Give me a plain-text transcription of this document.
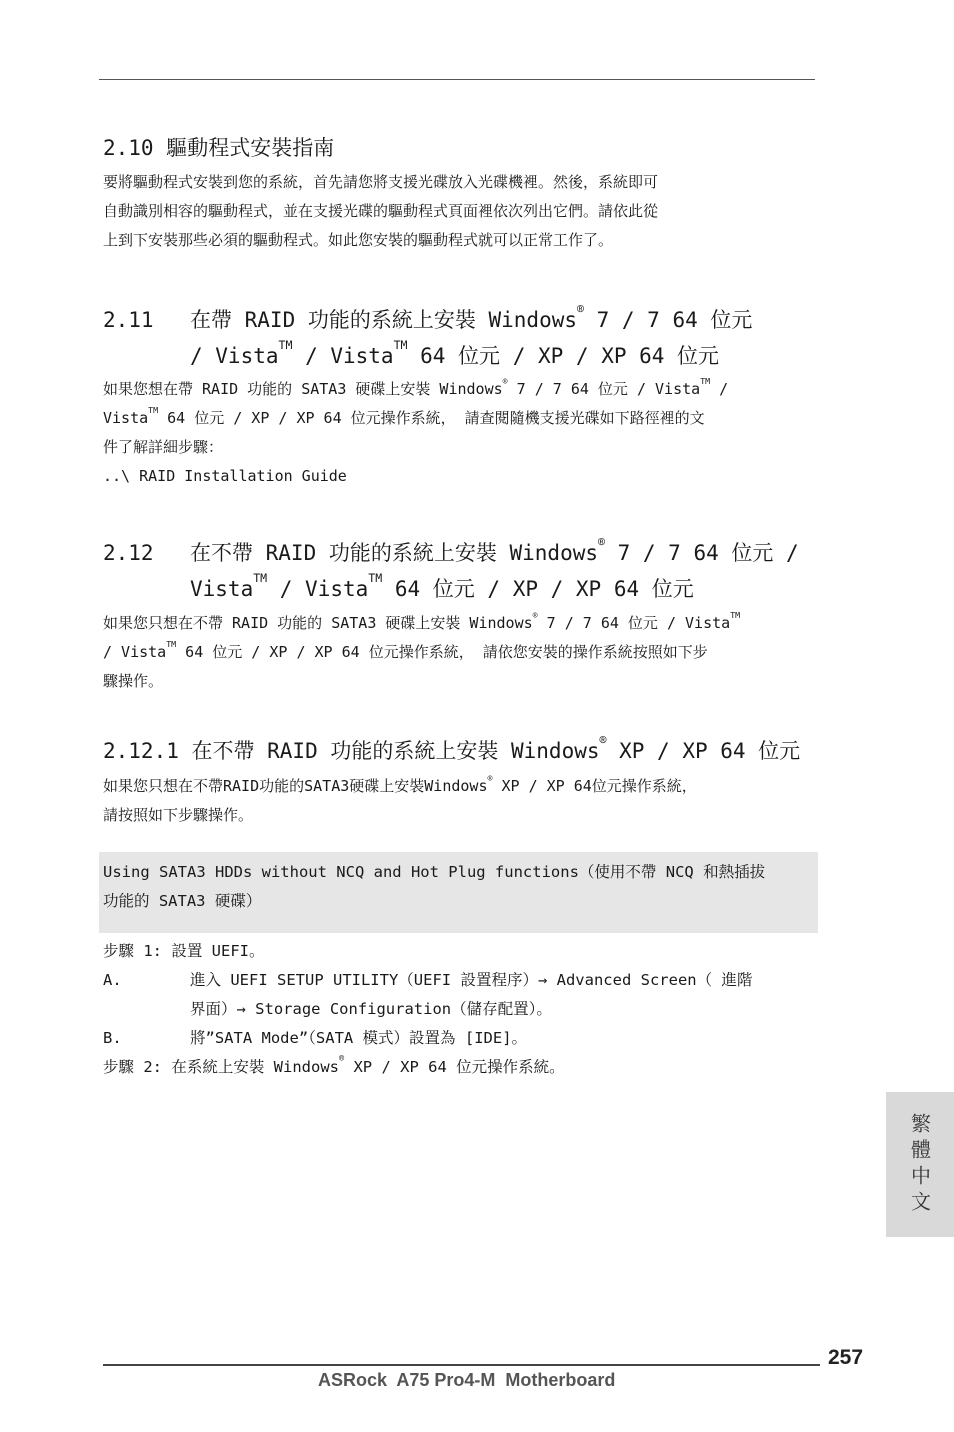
2.10 驅動程式安裝指南
要將驅動程式安裝到您的系統，首先請您將支援光碟放入光碟機裡。然後，系統即可
自動識別相容的驅動程式，並在支援光碟的驅動程式頁面裡依次列出它們。請依此從
上到下安裝那些必須的驅動程式。如此您安裝的驅動程式就可以正常工作了。
2.11 在帶 RAID 功能的系統上安裝 Windows® 7 / 7 64 位元
/ Vista™ / Vista™ 64 位元 / XP / XP 64 位元
如果您想在帶 RAID 功能的 SATA3 硬碟上安裝 Windows® 7 / 7 64 位元 / Vista™ /
Vista™ 64 位元 / XP / XP 64 位元操作系統， 請查閱隨機支援光碟如下路徑裡的文
件了解詳細步驟：
..\ RAID Installation Guide
2.12 在不帶 RAID 功能的系統上安裝 Windows® 7 / 7 64 位元 /
Vista™ / Vista™ 64 位元 / XP / XP 64 位元
如果您只想在不帶 RAID 功能的 SATA3 硬碟上安裝 Windows® 7 / 7 64 位元 / Vista™
/ Vista™ 64 位元 / XP / XP 64 位元操作系統， 請依您安裝的操作系統按照如下步
驟操作。
2.12.1 在不帶 RAID 功能的系統上安裝 Windows® XP / XP 64 位元
如果您只想在不帶RAID功能的SATA3硬碟上安裝Windows® XP / XP 64位元操作系統，
請按照如下步驟操作。
Using SATA3 HDDs without NCQ and Hot Plug functions（使用不帶 NCQ 和熱插拔
功能的 SATA3 硬碟）
步驟 1: 設置 UEFI。
A.	進入 UEFI SETUP UTILITY（UEFI 設置程序）→ Advanced Screen（ 進階
界面）→ Storage Configuration（儲存配置）。
B.	將”SATA Mode”（SATA 模式）設置為 [IDE]。
步驟 2: 在系統上安裝 Windows® XP / XP 64 位元操作系統。
繁體中文
257
ASRock  A75 Pro4-M  Motherboard
